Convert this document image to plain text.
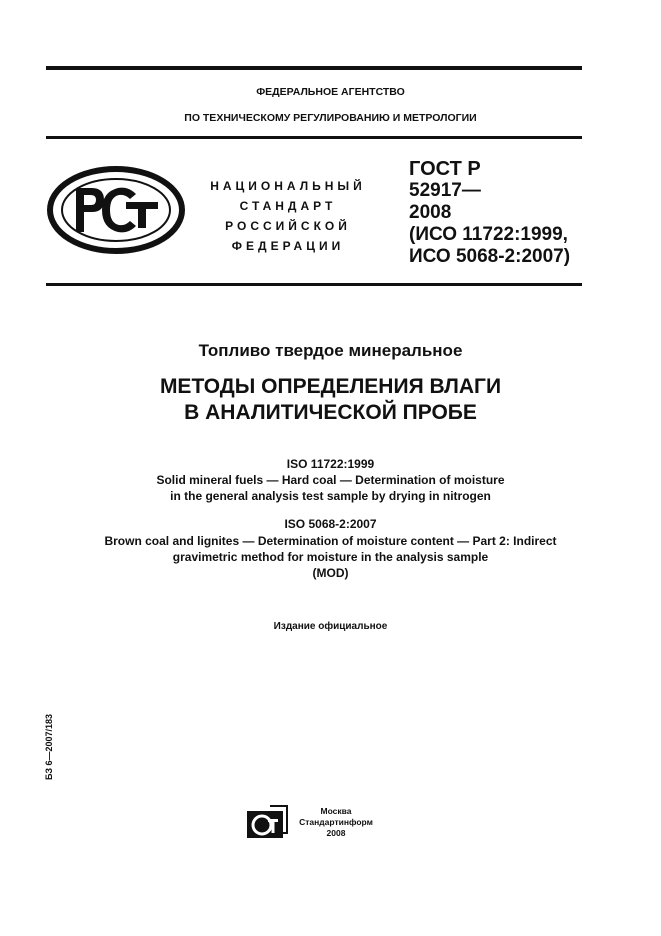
ФЕДЕРАЛЬНОЕ АГЕНТСТВО
ПО ТЕХНИЧЕСКОМУ РЕГУЛИРОВАНИЮ И МЕТРОЛОГИИ
НАЦИОНАЛЬНЫЙ
СТАНДАРТ
РОССИЙСКОЙ
ФЕДЕРАЦИИ
ГОСТ Р
52917—
2008
(ИСО 11722:1999,
ИСО 5068-2:2007)
Топливо твердое минеральное
МЕТОДЫ ОПРЕДЕЛЕНИЯ ВЛАГИ
В АНАЛИТИЧЕСКОЙ ПРОБЕ
ISO 11722:1999
Solid mineral fuels — Hard coal — Determination of moisture
in the general analysis test sample by drying in nitrogen
ISO 5068-2:2007
Brown coal and lignites — Determination of moisture content — Part 2: Indirect
gravimetric method for moisture in the analysis sample
(MOD)
Издание официальное
БЗ 6—2007/183
Москва
Стандартинформ
2008
